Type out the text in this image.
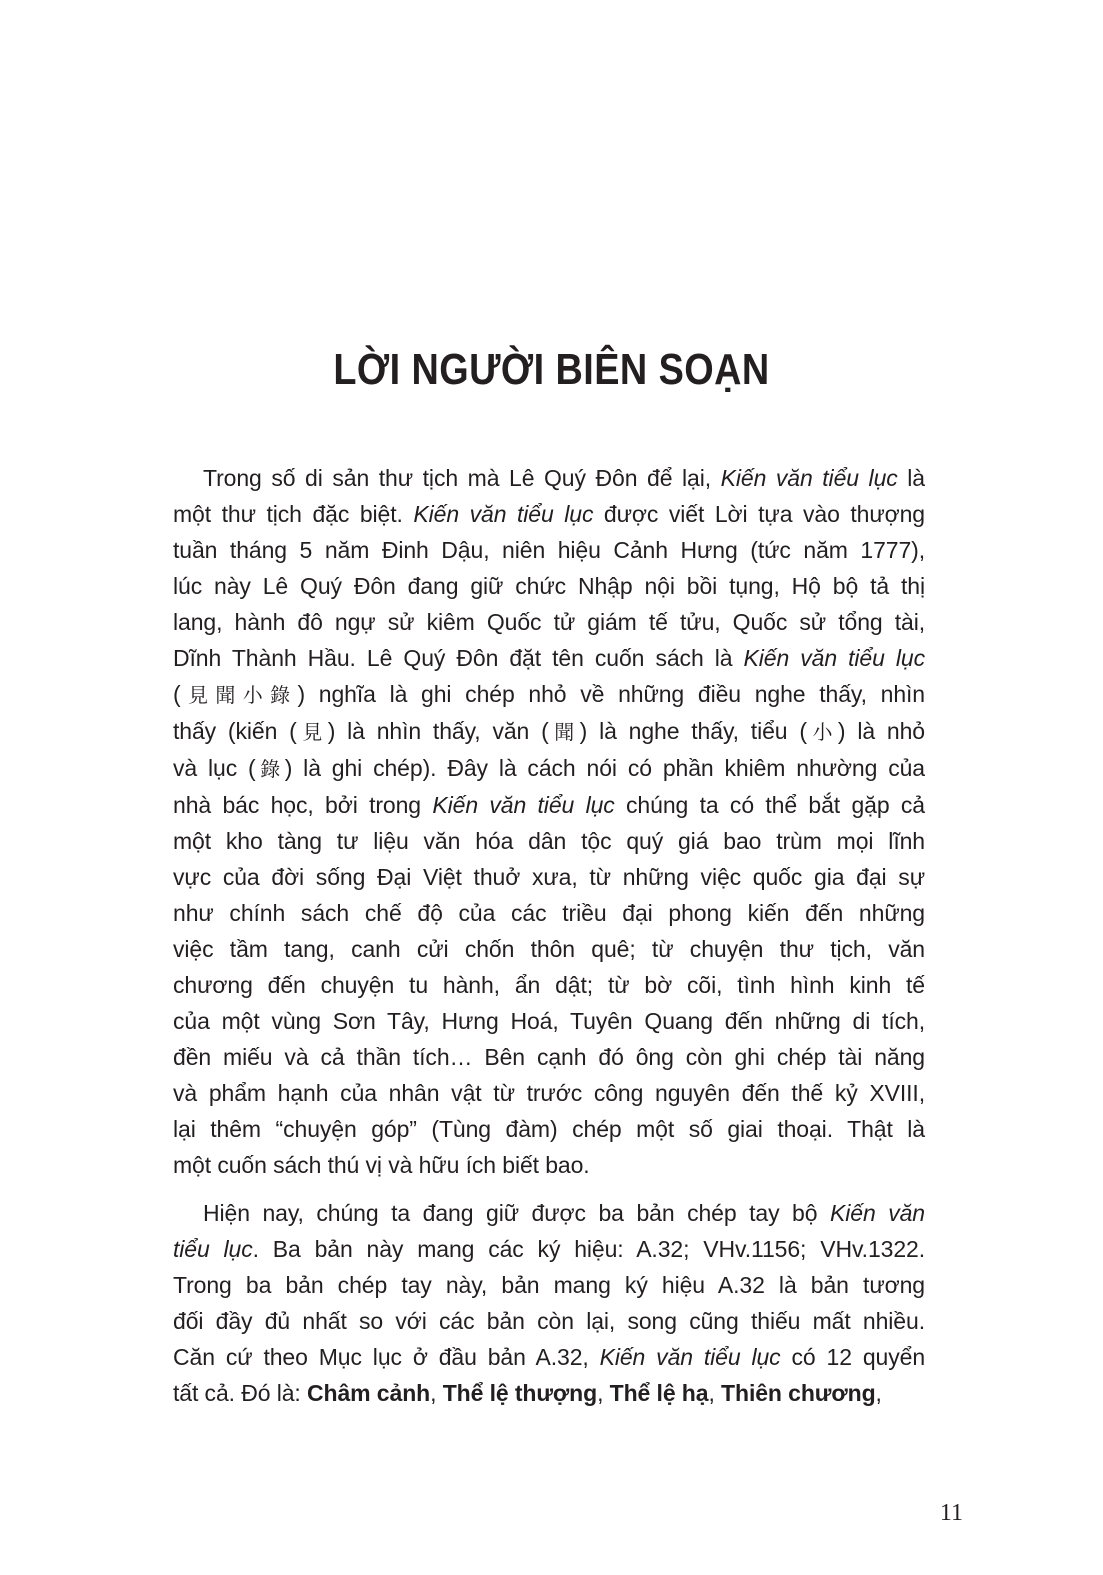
LỜI NGƯỜI BIÊN SOẠN

Trong số di sản thư tịch mà Lê Quý Đôn để lại, Kiến văn tiểu lục là
một thư tịch đặc biệt. Kiến văn tiểu lục được viết Lời tựa vào thượng
tuần tháng 5 năm Đinh Dậu, niên hiệu Cảnh Hưng (tức năm 1777),
lúc này Lê Quý Đôn đang giữ chức Nhập nội bồi tụng, Hộ bộ tả thị
lang, hành đô ngự sử kiêm Quốc tử giám tế tửu, Quốc sử tổng tài,
Dĩnh Thành Hầu. Lê Quý Đôn đặt tên cuốn sách là Kiến văn tiểu lục
(見聞小錄) nghĩa là ghi chép nhỏ về những điều nghe thấy, nhìn
thấy (kiến (見) là nhìn thấy, văn (聞) là nghe thấy, tiểu (小) là nhỏ
và lục (錄) là ghi chép). Đây là cách nói có phần khiêm nhường của
nhà bác học, bởi trong Kiến văn tiểu lục chúng ta có thể bắt gặp cả
một kho tàng tư liệu văn hóa dân tộc quý giá bao trùm mọi lĩnh
vực của đời sống Đại Việt thuở xưa, từ những việc quốc gia đại sự
như chính sách chế độ của các triều đại phong kiến đến những
việc tầm tang, canh cửi chốn thôn quê; từ chuyện thư tịch, văn
chương đến chuyện tu hành, ẩn dật; từ bờ cõi, tình hình kinh tế
của một vùng Sơn Tây, Hưng Hoá, Tuyên Quang đến những di tích,
đền miếu và cả thần tích… Bên cạnh đó ông còn ghi chép tài năng
và phẩm hạnh của nhân vật từ trước công nguyên đến thế kỷ XVIII,
lại thêm “chuyện góp” (Tùng đàm) chép một số giai thoại. Thật là
một cuốn sách thú vị và hữu ích biết bao.

Hiện nay, chúng ta đang giữ được ba bản chép tay bộ Kiến văn
tiểu lục. Ba bản này mang các ký hiệu: A.32; VHv.1156; VHv.1322.
Trong ba bản chép tay này, bản mang ký hiệu A.32 là bản tương
đối đầy đủ nhất so với các bản còn lại, song cũng thiếu mất nhiều.
Căn cứ theo Mục lục ở đầu bản A.32, Kiến văn tiểu lục có 12 quyển
tất cả. Đó là: Châm cảnh, Thể lệ thượng, Thể lệ hạ, Thiên chương,

11
